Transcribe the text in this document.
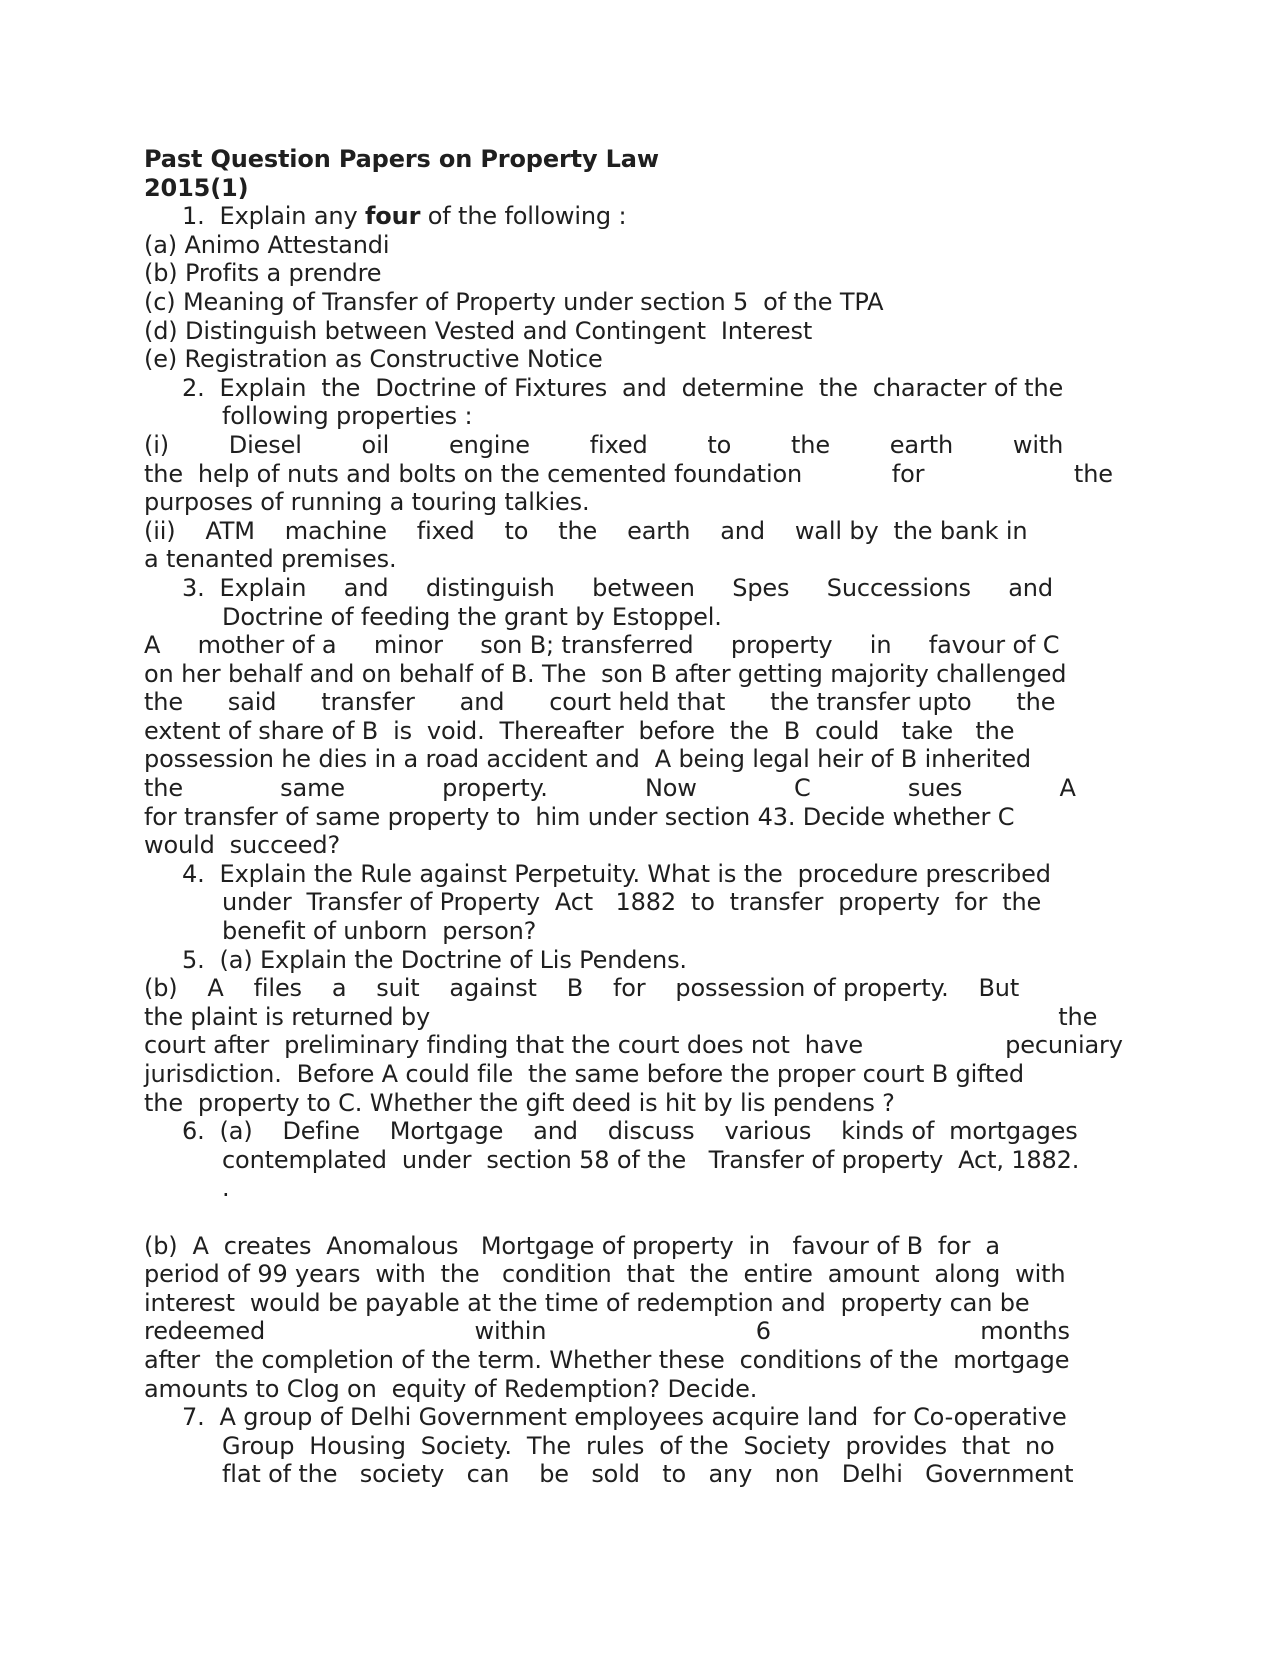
Past Question Papers on Property Law
2015(1)
1.  Explain any four of the following :
(a) Animo Attestandi
(b) Profits a prendre
(c) Meaning of Transfer of Property under section 5  of the TPA
(d) Distinguish between Vested and Contingent  Interest
(e) Registration as Constructive Notice
2.  Explain  the  Doctrine of Fixtures  and  determine  the  character of the
following properties :
(i)        Diesel        oil        engine        fixed        to        the        earth        with
the  help of nuts and bolts on the cemented foundation            for                    the
purposes of running a touring talkies.
(ii)    ATM    machine    fixed    to    the    earth    and    wall by  the bank in
a tenanted premises.
3.  Explain     and     distinguish     between     Spes     Successions     and
Doctrine of feeding the grant by Estoppel.
A     mother of a     minor     son B; transferred     property     in     favour of C
on her behalf and on behalf of B. The  son B after getting majority challenged
the      said      transfer      and      court held that      the transfer upto      the
extent of share of B  is  void.  Thereafter  before  the  B  could   take   the
possession he dies in a road accident and  A being legal heir of B inherited
the             same             property.             Now             C             sues             A
for transfer of same property to  him under section 43. Decide whether C
would  succeed?
4.  Explain the Rule against Perpetuity. What is the  procedure prescribed
under  Transfer of Property  Act   1882  to  transfer  property  for  the
benefit of unborn  person?
5.  (a) Explain the Doctrine of Lis Pendens.
(b)    A    files    a    suit    against    B    for    possession of property.    But
the plaint is returned by                                                                                    the
court after  preliminary finding that the court does not  have                   pecuniary
jurisdiction.  Before A could file  the same before the proper court B gifted
the  property to C. Whether the gift deed is hit by lis pendens ?
6.  (a)    Define    Mortgage    and    discuss    various    kinds of  mortgages
contemplated  under  section 58 of the   Transfer of property  Act, 1882.
.
(b)  A  creates  Anomalous   Mortgage of property  in   favour of B  for  a
period of 99 years  with  the   condition  that  the  entire  amount  along  with
interest  would be payable at the time of redemption and  property can be
redeemed                            within                            6                            months
after  the completion of the term. Whether these  conditions of the  mortgage
amounts to Clog on  equity of Redemption? Decide.
7.  A group of Delhi Government employees acquire land  for Co-operative
Group  Housing  Society.  The  rules  of the  Society  provides  that  no
flat of the   society   can    be   sold   to   any   non   Delhi   Government
